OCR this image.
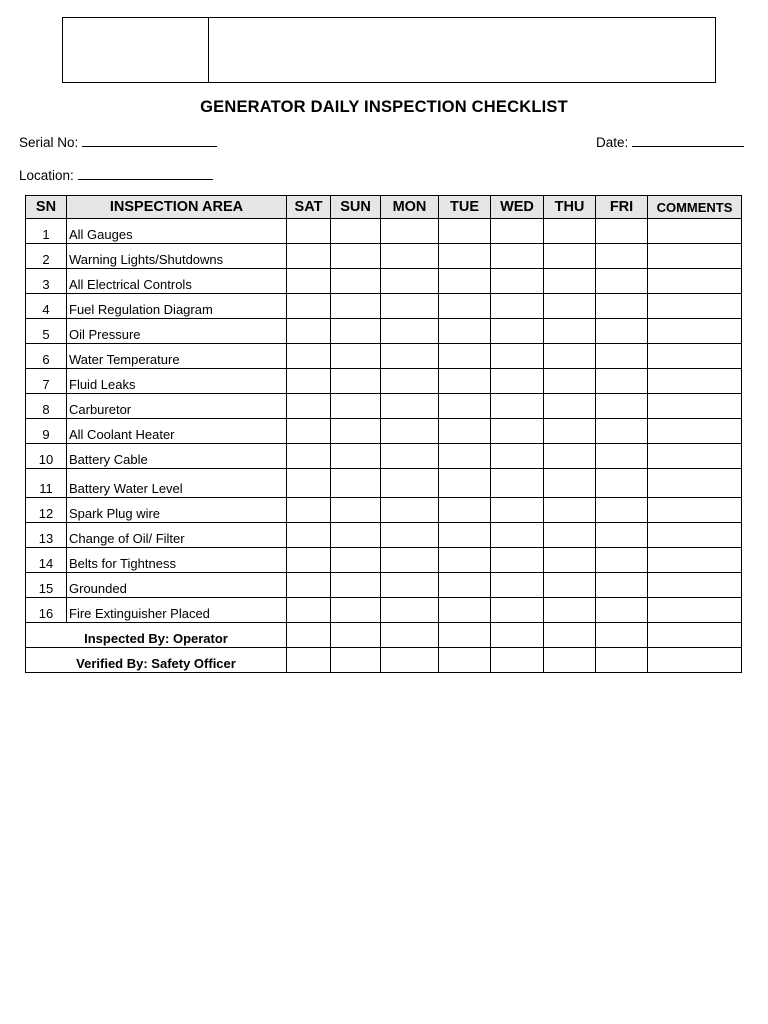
GENERATOR DAILY INSPECTION CHECKLIST
Serial No:	Date:
Location:
SN	INSPECTION AREA	SAT	SUN	MON	TUE	WED	THU	FRI	COMMENTS
1	All Gauges								
2	Warning Lights/Shutdowns								
3	All Electrical Controls								
4	Fuel Regulation Diagram								
5	Oil Pressure								
6	Water Temperature								
7	Fluid Leaks								
8	Carburetor								
9	All Coolant Heater								
10	Battery Cable								
11	Battery Water Level								
12	Spark Plug wire								
13	Change of Oil/ Filter								
14	Belts for Tightness								
15	Grounded								
16	Fire Extinguisher Placed								
Inspected By: Operator									
Verified By: Safety Officer									
